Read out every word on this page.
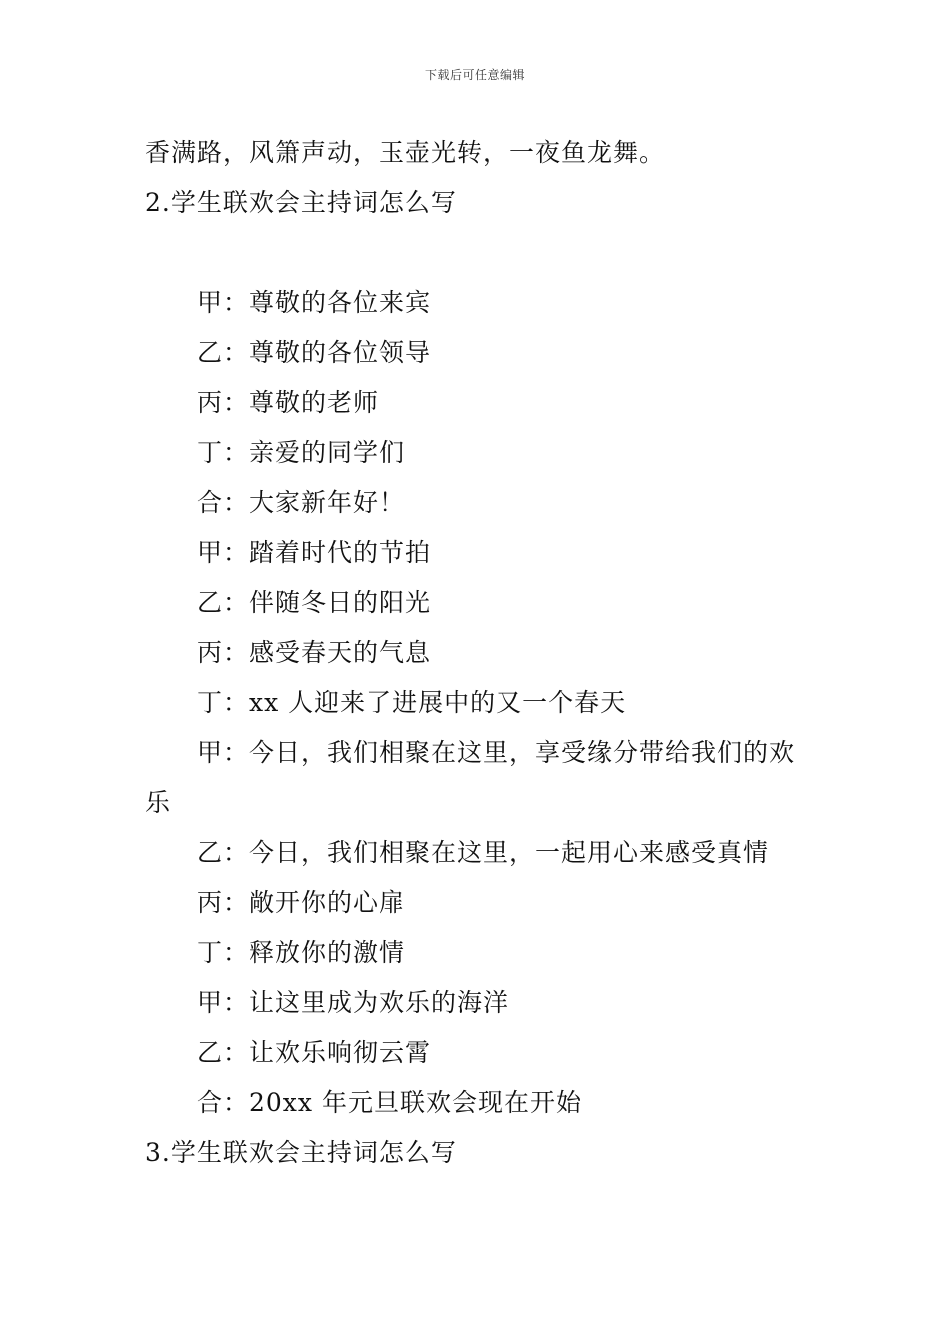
下载后可任意编辑
香满路，风箫声动，玉壶光转，一夜鱼龙舞。
2.学生联欢会主持词怎么写
甲：尊敬的各位来宾
乙：尊敬的各位领导
丙：尊敬的老师
丁：亲爱的同学们
合：大家新年好！
甲：踏着时代的节拍
乙：伴随冬日的阳光
丙：感受春天的气息
丁：xx 人迎来了进展中的又一个春天
甲：今日，我们相聚在这里，享受缘分带给我们的欢
乐
乙：今日，我们相聚在这里，一起用心来感受真情
丙：敞开你的心扉
丁：释放你的激情
甲：让这里成为欢乐的海洋
乙：让欢乐响彻云霄
合：20xx 年元旦联欢会现在开始
3.学生联欢会主持词怎么写
